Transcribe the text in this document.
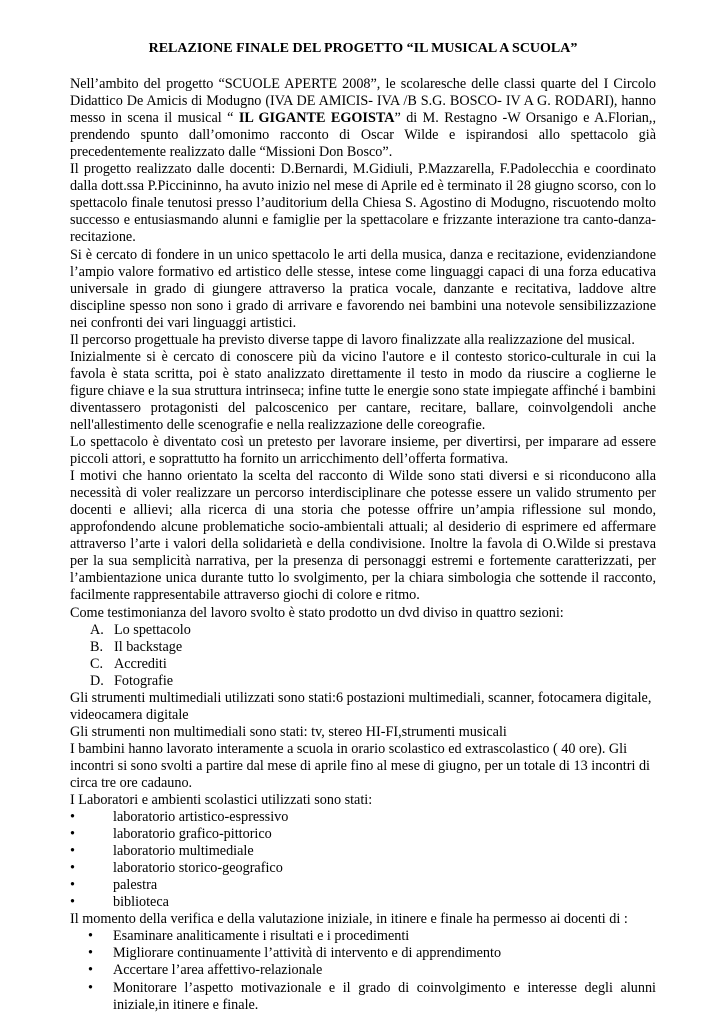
RELAZIONE FINALE DEL PROGETTO “IL MUSICAL A SCUOLA”

Nell’ambito del progetto “SCUOLE APERTE 2008”, le scolaresche delle classi quarte del I Circolo Didattico De Amicis di Modugno (IVA DE AMICIS- IVA /B S.G. BOSCO- IV A G. RODARI), hanno messo in scena il musical “ IL GIGANTE EGOISTA” di M. Restagno -W Orsanigo e A.Florian,, prendendo spunto dall’omonimo racconto di Oscar Wilde e ispirandosi allo spettacolo già precedentemente realizzato dalle “Missioni Don Bosco”.

Il progetto realizzato dalle docenti: D.Bernardi, M.Gidiuli, P.Mazzarella, F.Padolecchia e coordinato dalla dott.ssa P.Piccininno, ha avuto inizio nel mese di Aprile ed è terminato il 28 giugno scorso, con lo spettacolo finale tenutosi presso l’auditorium della Chiesa S. Agostino di Modugno, riscuotendo molto successo e entusiasmando alunni e famiglie per la spettacolare e frizzante interazione tra canto-danza-recitazione.

Si è cercato di fondere in un unico spettacolo le arti della musica, danza e recitazione, evidenziandone l’ampio valore formativo ed artistico delle stesse, intese come linguaggi capaci di una forza educativa universale in grado di giungere attraverso la pratica vocale, danzante e recitativa, laddove altre discipline spesso non sono i grado di arrivare e favorendo nei bambini una notevole sensibilizzazione nei confronti dei vari linguaggi artistici.

Il percorso progettuale ha previsto diverse tappe di lavoro finalizzate alla realizzazione del musical.

Inizialmente si è cercato di conoscere più da vicino l'autore e il contesto storico-culturale in cui la favola è stata scritta, poi è stato analizzato direttamente il testo in modo da riuscire a coglierne le figure chiave e la sua struttura intrinseca; infine tutte le energie sono state impiegate affinché i bambini diventassero protagonisti del palcoscenico per cantare, recitare, ballare, coinvolgendoli anche nell'allestimento delle scenografie e nella realizzazione delle coreografie.

Lo spettacolo è diventato così un pretesto per lavorare insieme, per divertirsi, per imparare ad essere piccoli attori, e soprattutto ha fornito un arricchimento dell’offerta formativa.

I motivi che hanno orientato la scelta del racconto di Wilde sono stati diversi e si riconducono alla necessità di voler realizzare un percorso interdisciplinare che potesse essere un valido strumento per docenti e allievi; alla ricerca di una storia che potesse offrire un’ampia riflessione sul mondo, approfondendo alcune problematiche socio-ambientali attuali; al desiderio di esprimere ed affermare attraverso l’arte i valori della solidarietà e della condivisione. Inoltre la favola di O.Wilde si prestava per la sua semplicità narrativa, per la presenza di personaggi estremi e fortemente caratterizzati, per l’ambientazione unica durante tutto lo svolgimento, per la chiara simbologia che sottende il racconto, facilmente rappresentabile attraverso giochi di colore e ritmo.

Come testimonianza del lavoro svolto è stato prodotto un dvd diviso in quattro sezioni:

A. Lo spettacolo
B. Il backstage
C. Accrediti
D. Fotografie

Gli strumenti multimediali utilizzati sono stati:6 postazioni multimediali, scanner, fotocamera digitale, videocamera digitale

Gli strumenti non multimediali sono stati: tv, stereo HI-FI,strumenti musicali

I bambini hanno lavorato interamente a scuola in orario scolastico ed extrascolastico ( 40 ore). Gli incontri si sono svolti a partire dal mese di aprile fino al mese di giugno, per un totale di 13 incontri di circa tre ore cadauno.

I Laboratori e ambienti scolastici utilizzati sono stati:

•	laboratorio artistico-espressivo
•	laboratorio grafico-pittorico
•	laboratorio multimediale
•	laboratorio storico-geografico
•	palestra
•	biblioteca

Il momento della verifica e della valutazione iniziale, in itinere e finale ha permesso ai docenti di :

•	Esaminare analiticamente i risultati e i procedimenti
•	Migliorare continuamente l’attività di intervento e di apprendimento
•	Accertare l’area affettivo-relazionale
•	Monitorare l’aspetto motivazionale e il grado di coinvolgimento e interesse degli alunni iniziale,in itinere e finale.
